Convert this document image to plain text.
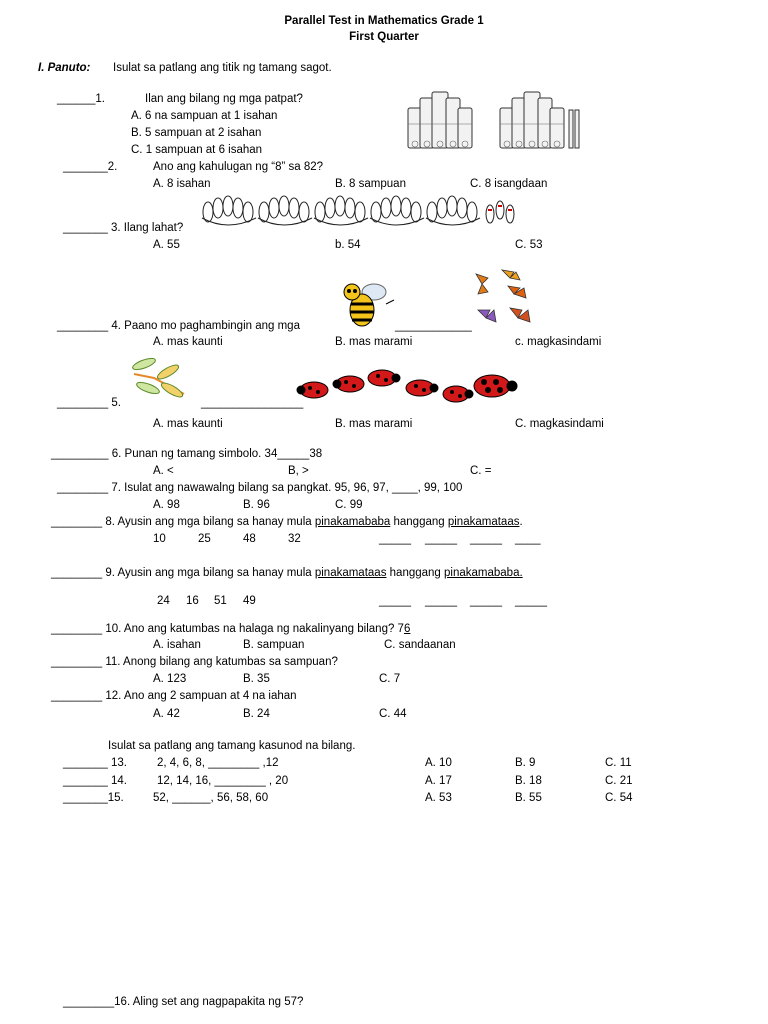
Parallel Test in Mathematics Grade 1
First Quarter
I. Panuto: Isulat sa patlang ang titik ng tamang sagot.
______1.	Ilan ang bilang ng mga patpat?
A. 6 na sampuan at 1 isahan
B. 5 sampuan at 2 isahan
C. 1 sampuan at 6 isahan
_______2.	Ano ang kahulugan ng “8” sa 82?
A. 8 isahan	B. 8 sampuan	C. 8 isangdaan
_______ 3. Ilang lahat?
A. 55	b. 54	C. 53
________ 4. Paano mo paghambingin ang mga	____________
A. mas kaunti	B. mas marami	c. magkasindami
________ 5.	________________
A. mas kaunti	B. mas marami	C. magkasindami
_________ 6. Punan ng tamang simbolo. 34_____38
A. <	B, >	C. =
________ 7. Isulat ang nawawalng bilang sa pangkat. 95, 96, 97, ____, 99, 100
A. 98	B. 96	C. 99
________ 8. Ayusin ang mga bilang sa hanay mula pinakamababa hanggang pinakamataas.
10	25	48	32	_____ _____ _____ ____
________ 9. Ayusin ang mga bilang sa hanay mula pinakamataas hanggang pinakamababa.
24 16 51 49	_____ _____ _____ _____
________ 10. Ano ang katumbas na halaga ng nakalinyang bilang? 76
A. isahan	B. sampuan	C. sandaanan
________ 11. Anong bilang ang katumbas sa sampuan?
A. 123	B. 35	C. 7
________ 12. Ano ang 2 sampuan at 4 na iahan
A. 42	B. 24	C. 44
Isulat sa patlang ang tamang kasunod na bilang.
_______ 13.	2, 4, 6, 8, ________ ,12	A. 10	B. 9	C. 11
_______ 14.	12, 14, 16, ________ , 20	A. 17	B. 18	C. 21
_______15.	52, ______, 56, 58, 60	A. 53	B. 55	C. 54
________16. Aling set ang nagpapakita ng 57?
